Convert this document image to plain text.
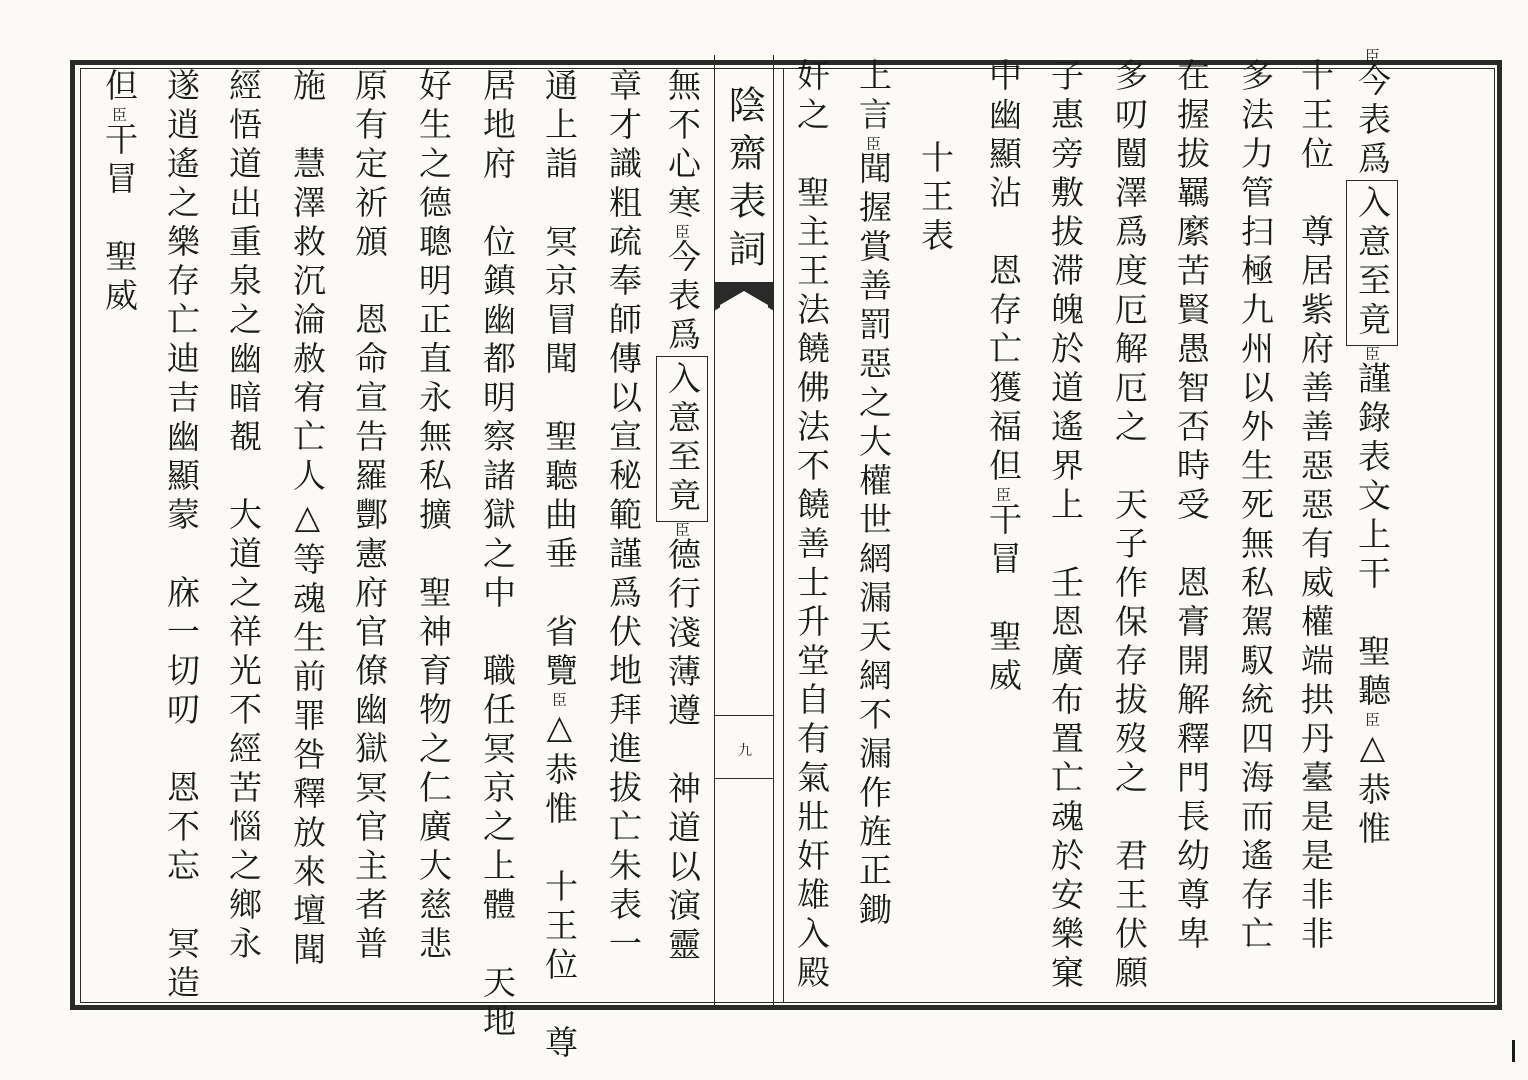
臣今表爲入意至竟臣謹錄表文上干　聖聽臣△恭惟
十王位　尊居紫府善善惡惡有威權端拱丹臺是是非非
多法力管扫極九州以外生死無私駕馭統四海而遙存亡
在握拔羈縻苦賢愚智否時受　恩膏開解釋門長幼尊卑
多叨闓澤爲度厄解厄之　天子作保存拔歿之　君王伏願
子惠旁敷拔滞魄於道遙界上　壬恩廣布置亡魂於安樂窠
中幽顯沾　恩存亡獲福但臣干冒　聖威
十王表
上言臣聞握賞善罰惡之大權世網漏天網不漏作旌正鋤
奸之　聖主王法饒佛法不饒善士升堂自有氣壯奸雄入殿
陰齋表詞
九
無不心寒臣今表爲入意至竟臣德行淺薄遵　神道以演靈
章才識粗疏奉師傳以宣秘範謹爲伏地拜進拔亡朱表一
通上詣　冥京冒聞　聖聽曲垂　省覽臣△恭惟　十王位　尊
居地府　位鎮幽都明察諸獄之中　職任冥京之上體　天地
好生之德聰明正直永無私擴　聖神育物之仁廣大慈悲
原有定祈頒　恩命宣告羅酆憲府官僚幽獄冥官主者普
施　慧澤救沉淪赦宥亡人△等魂生前罪咎釋放來壇聞
經悟道出重泉之幽暗覩　大道之祥光不經苦惱之鄉永
遂逍遙之樂存亡迪吉幽顯蒙　庥一切叨　恩不忘　冥造
但臣干冒　聖威
